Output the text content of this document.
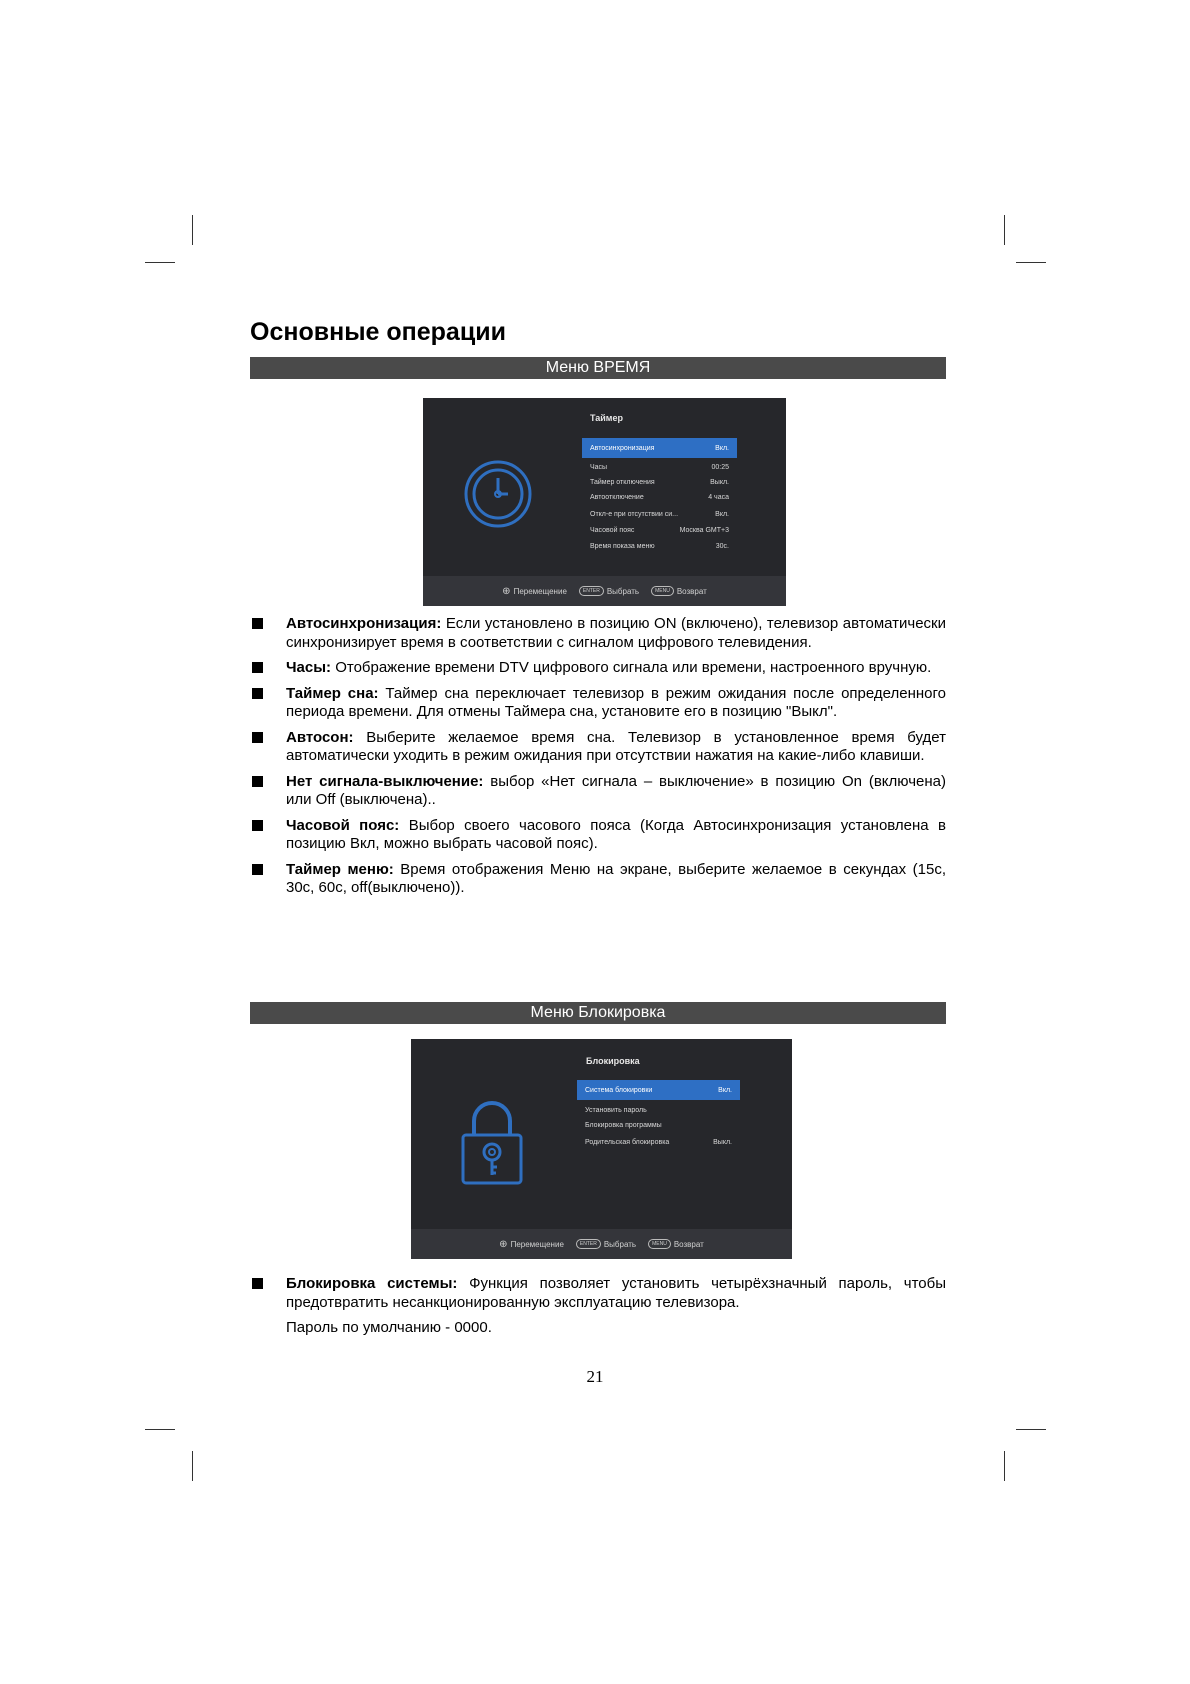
Основные операции
Меню ВРЕМЯ
Таймер
Автосинхронизация	Вкл.
Часы	00:25
Таймер отключения	Выкл.
Автоотключение	4 часа
Откл-е при отсутствии си...	Вкл.
Часовой пояс	Москва GMT+3
Время показа меню	30с.
⊕ Перемещение	ENTER Выбрать	MENU Возврат
Автосинхронизация: Если установлено в позицию ON (включено), телевизор автоматически синхронизирует время в соответствии с сигналом цифрового телевидения.
Часы: Отображение времени DTV цифрового сигнала или времени, настроенного вручную.
Таймер сна: Таймер сна переключает телевизор в режим ожидания после определенного периода времени. Для отмены Таймера сна, установите его в позицию "Выкл".
Автосон: Выберите желаемое время сна. Телевизор в установленное время будет автоматически уходить в режим ожидания при отсутствии нажатия на какие-либо клавиши.
Нет сигнала-выключение: выбор «Нет сигнала – выключение» в позицию On (включена) или Off (выключена)..
Часовой пояс: Выбор своего часового пояса (Когда Автосинхронизация установлена в позицию Вкл, можно выбрать часовой пояс).
Таймер меню: Время отображения Меню на экране, выберите желаемое в секундах (15с, 30с, 60с, off(выключено)).
Меню Блокировка
Блокировка
Система блокировки	Вкл.
Установить пароль
Блокировка программы
Родительская блокировка	Выкл.
⊕ Перемещение	ENTER Выбрать	MENU Возврат
Блокировка системы: Функция позволяет установить четырёхзначный пароль, чтобы предотвратить несанкционированную эксплуатацию телевизора.
Пароль по умолчанию - 0000.
21
